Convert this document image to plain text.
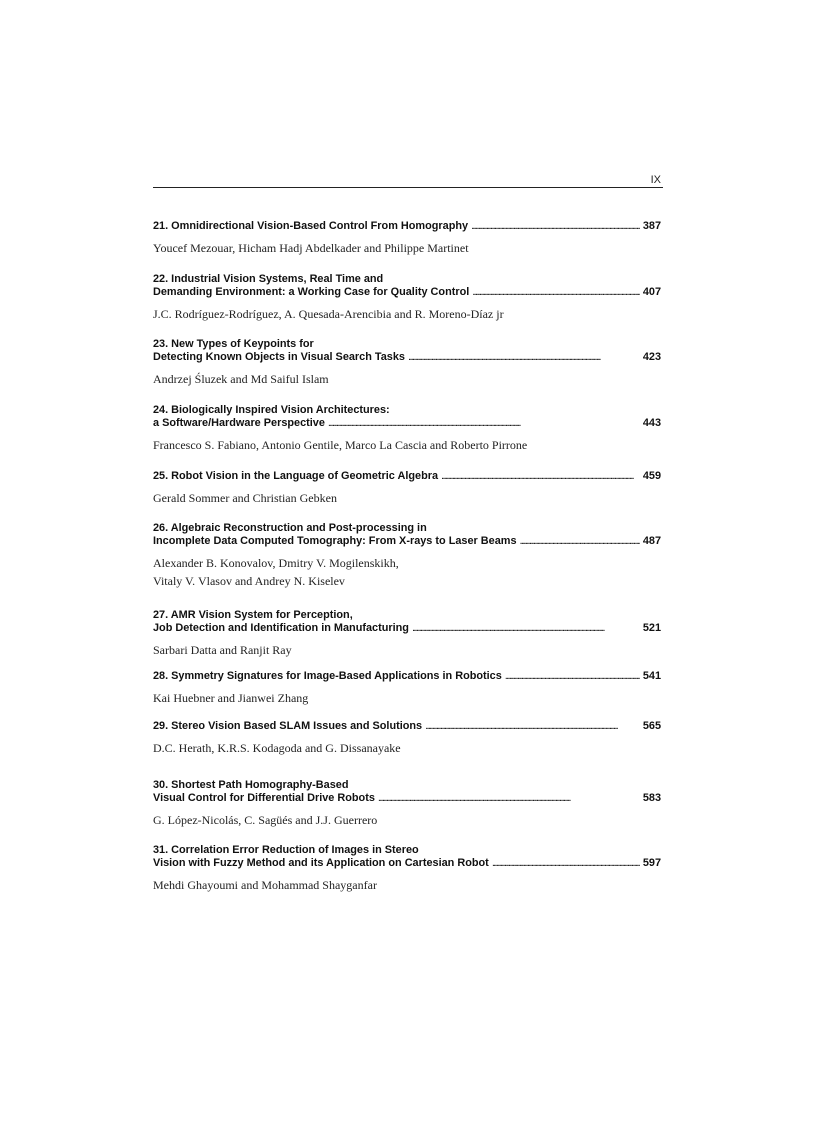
IX
21. Omnidirectional Vision-Based Control From Homography . . .	387
Youcef Mezouar, Hicham Hadj Abdelkader and Philippe Martinet
22. Industrial Vision Systems, Real Time and
Demanding Environment: a Working Case for Quality Control . . .	407
J.C. Rodríguez-Rodríguez, A. Quesada-Arencibia and R. Moreno-Díaz jr
23. New Types of Keypoints for
Detecting Known Objects in Visual Search Tasks . . .	423
Andrzej Śluzek and Md Saiful Islam
24. Biologically Inspired Vision Architectures:
a Software/Hardware Perspective . . .	443
Francesco S. Fabiano, Antonio Gentile, Marco La Cascia and Roberto Pirrone
25. Robot Vision in the Language of Geometric Algebra . . .	459
Gerald Sommer and Christian Gebken
26. Algebraic Reconstruction and Post-processing in
Incomplete Data Computed Tomography: From X-rays to Laser Beams . . .	487
Alexander B. Konovalov, Dmitry V. Mogilenskikh,
Vitaly V. Vlasov and Andrey N. Kiselev
27. AMR Vision System for Perception,
Job Detection and Identification in Manufacturing . . .	521
Sarbari Datta and Ranjit Ray
28. Symmetry Signatures for Image-Based Applications in Robotics . . .	541
Kai Huebner and Jianwei Zhang
29. Stereo Vision Based SLAM Issues and Solutions . . .	565
D.C. Herath, K.R.S. Kodagoda and G. Dissanayake
30. Shortest Path Homography-Based
Visual Control for Differential Drive Robots . . .	583
G. López-Nicolás, C. Sagüés and J.J. Guerrero
31. Correlation Error Reduction of Images in Stereo
Vision with Fuzzy Method and its Application on Cartesian Robot . . .	597
Mehdi Ghayoumi and Mohammad Shayganfar
